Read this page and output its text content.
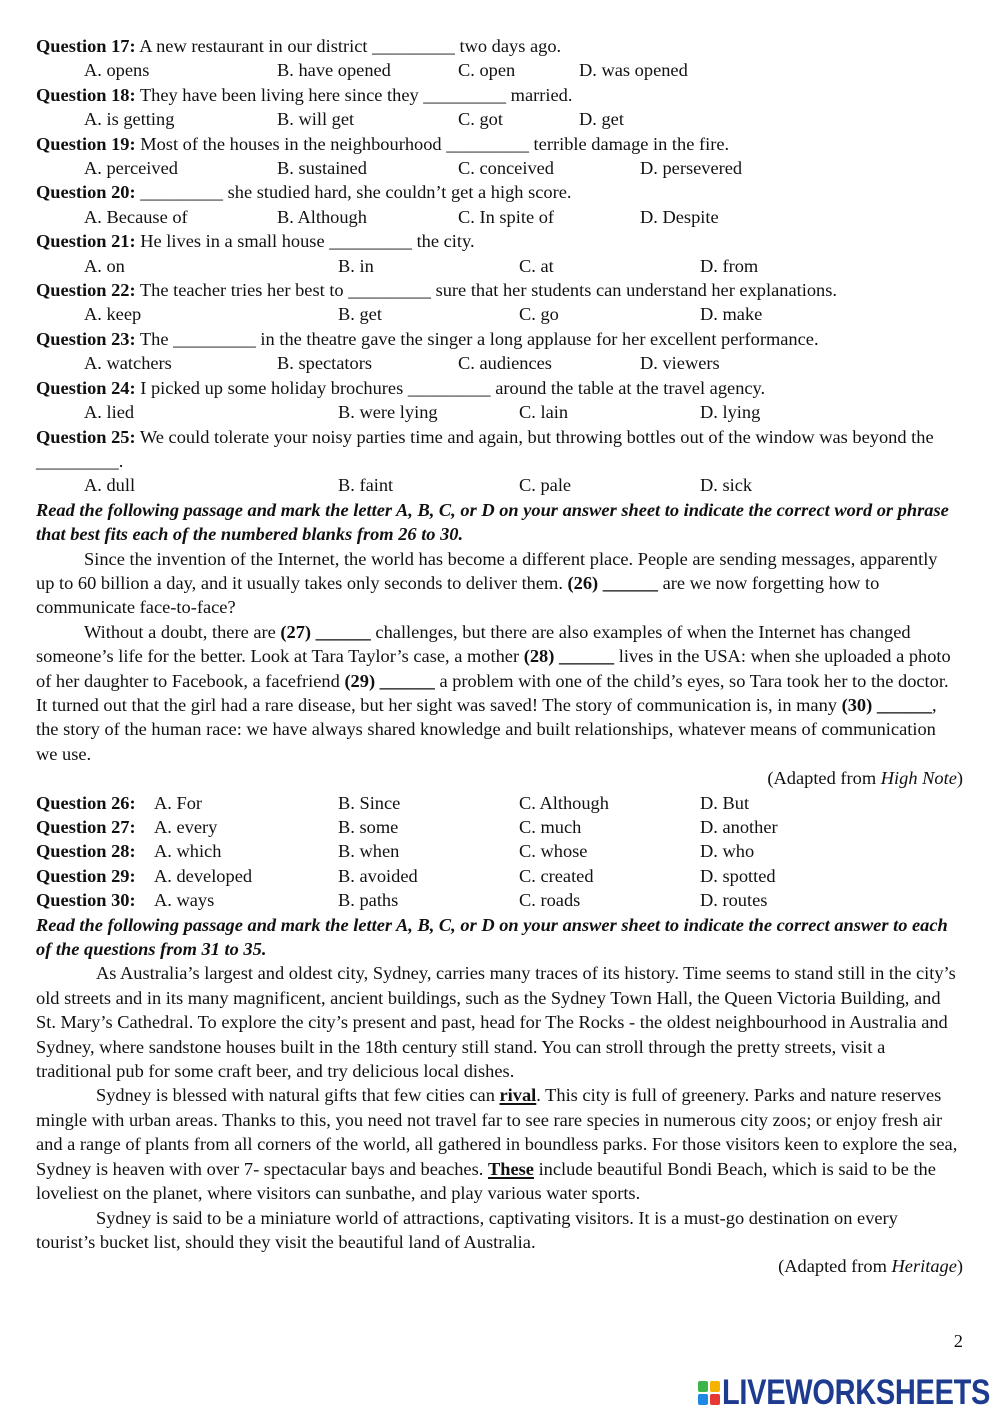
Question 17: A new restaurant in our district _________ two days ago.
A. opens	B. have opened	C. open	D. was opened
Question 18: They have been living here since they _________ married.
A. is getting	B. will get	C. got	D. get
Question 19: Most of the houses in the neighbourhood _________ terrible damage in the fire.
A. perceived	B. sustained	C. conceived	D. persevered
Question 20: _________ she studied hard, she couldn’t get a high score.
A. Because of	B. Although	C. In spite of	D. Despite
Question 21: He lives in a small house _________ the city.
A. on	B. in	C. at	D. from
Question 22: The teacher tries her best to _________ sure that her students can understand her explanations.
A. keep	B. get	C. go	D. make
Question 23: The _________ in the theatre gave the singer a long applause for her excellent performance.
A. watchers	B. spectators	C. audiences	D. viewers
Question 24: I picked up some holiday brochures _________ around the table at the travel agency.
A. lied	B. were lying	C. lain	D. lying
Question 25: We could tolerate your noisy parties time and again, but throwing bottles out of the window was beyond the
_________.
A. dull	B. faint	C. pale	D. sick
Read the following passage and mark the letter A, B, C, or D on your answer sheet to indicate the correct word or phrase
that best fits each of the numbered blanks from 26 to 30.
Since the invention of the Internet, the world has become a different place. People are sending messages, apparently
up to 60 billion a day, and it usually takes only seconds to deliver them. (26) ______ are we now forgetting how to
communicate face-to-face?
Without a doubt, there are (27) ______ challenges, but there are also examples of when the Internet has changed
someone’s life for the better. Look at Tara Taylor’s case, a mother (28) ______ lives in the USA: when she uploaded a photo
of her daughter to Facebook, a facefriend (29) ______ a problem with one of the child’s eyes, so Tara took her to the doctor.
It turned out that the girl had a rare disease, but her sight was saved! The story of communication is, in many (30) ______,
the story of the human race: we have always shared knowledge and built relationships, whatever means of communication
we use.
(Adapted from High Note)
Question 26: A. For	B. Since	C. Although	D. But
Question 27: A. every	B. some	C. much	D. another
Question 28: A. which	B. when	C. whose	D. who
Question 29: A. developed	B. avoided	C. created	D. spotted
Question 30: A. ways	B. paths	C. roads	D. routes
Read the following passage and mark the letter A, B, C, or D on your answer sheet to indicate the correct answer to each
of the questions from 31 to 35.
As Australia’s largest and oldest city, Sydney, carries many traces of its history. Time seems to stand still in the city’s
old streets and in its many magnificent, ancient buildings, such as the Sydney Town Hall, the Queen Victoria Building, and
St. Mary’s Cathedral. To explore the city’s present and past, head for The Rocks - the oldest neighbourhood in Australia and
Sydney, where sandstone houses built in the 18th century still stand. You can stroll through the pretty streets, visit a
traditional pub for some craft beer, and try delicious local dishes.
Sydney is blessed with natural gifts that few cities can rival. This city is full of greenery. Parks and nature reserves
mingle with urban areas. Thanks to this, you need not travel far to see rare species in numerous city zoos; or enjoy fresh air
and a range of plants from all corners of the world, all gathered in boundless parks. For those visitors keen to explore the sea,
Sydney is heaven with over 7- spectacular bays and beaches. These include beautiful Bondi Beach, which is said to be the
loveliest on the planet, where visitors can sunbathe, and play various water sports.
Sydney is said to be a miniature world of attractions, captivating visitors. It is a must-go destination on every
tourist’s bucket list, should they visit the beautiful land of Australia.
(Adapted from Heritage)
2
LIVEWORKSHEETS
